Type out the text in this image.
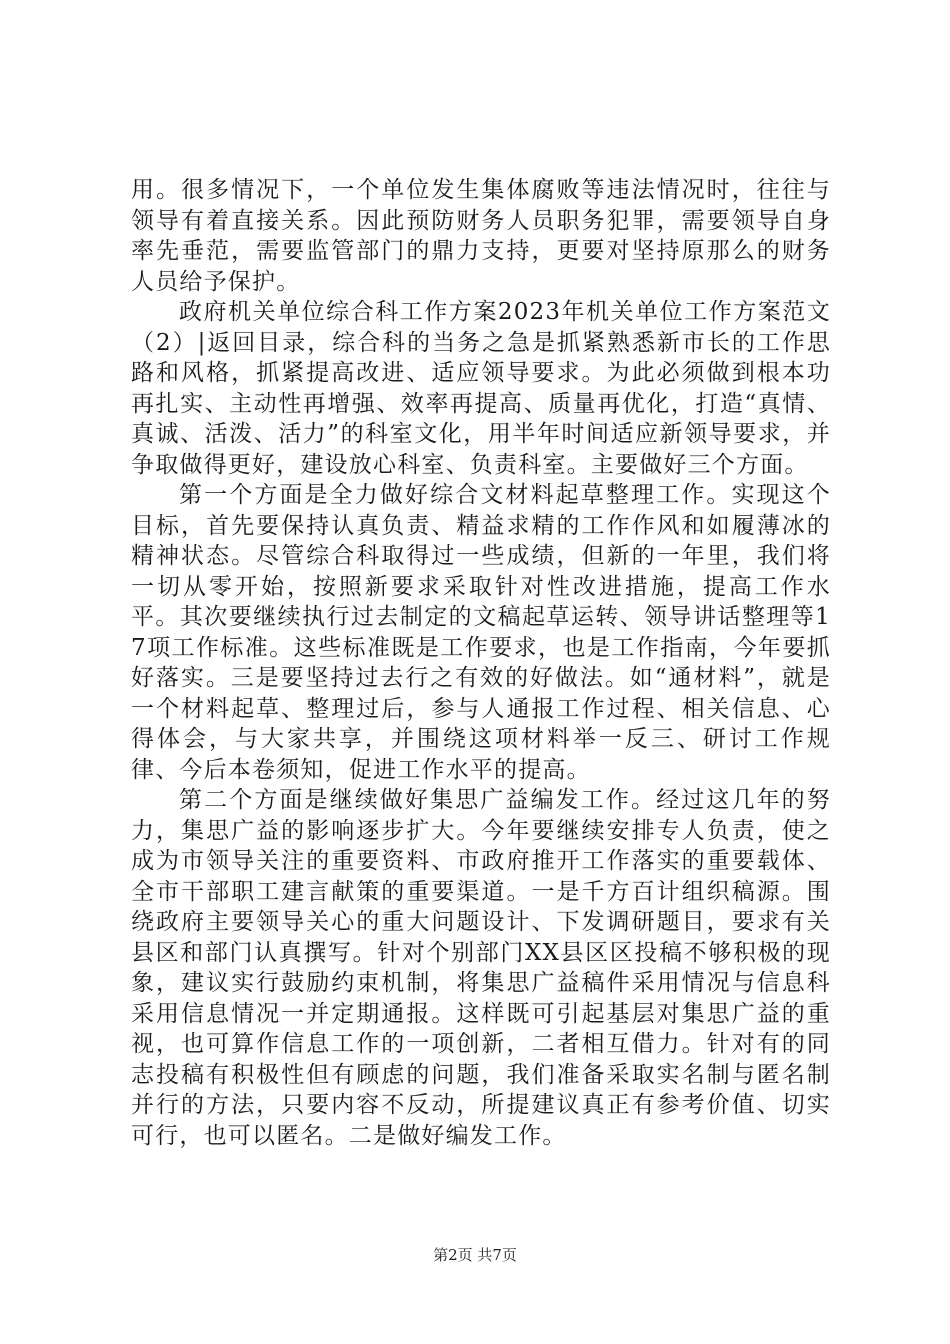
用。很多情况下，一个单位发生集体腐败等违法情况时，往往与领导有着直接关系。因此预防财务人员职务犯罪，需要领导自身率先垂范，需要监管部门的鼎力支持，更要对坚持原那么的财务人员给予保护。

政府机关单位综合科工作方案2023年机关单位工作方案范文（2）|返回目录，综合科的当务之急是抓紧熟悉新市长的工作思路和风格，抓紧提高改进、适应领导要求。为此必须做到根本功再扎实、主动性再增强、效率再提高、质量再优化，打造“真情、真诚、活泼、活力”的科室文化，用半年时间适应新领导要求，并争取做得更好，建设放心科室、负责科室。主要做好三个方面。

第一个方面是全力做好综合文材料起草整理工作。实现这个目标，首先要保持认真负责、精益求精的工作作风和如履薄冰的精神状态。尽管综合科取得过一些成绩，但新的一年里，我们将一切从零开始，按照新要求采取针对性改进措施，提高工作水平。其次要继续执行过去制定的文稿起草运转、领导讲话整理等17项工作标准。这些标准既是工作要求，也是工作指南，今年要抓好落实。三是要坚持过去行之有效的好做法。如“通材料”，就是一个材料起草、整理过后，参与人通报工作过程、相关信息、心得体会，与大家共享，并围绕这项材料举一反三、研讨工作规律、今后本卷须知，促进工作水平的提高。

第二个方面是继续做好集思广益编发工作。经过这几年的努力，集思广益的影响逐步扩大。今年要继续安排专人负责，使之成为市领导关注的重要资料、市政府推开工作落实的重要载体、全市干部职工建言献策的重要渠道。一是千方百计组织稿源。围绕政府主要领导关心的重大问题设计、下发调研题目，要求有关县区和部门认真撰写。针对个别部门XX县区区投稿不够积极的现象，建议实行鼓励约束机制，将集思广益稿件采用情况与信息科采用信息情况一并定期通报。这样既可引起基层对集思广益的重视，也可算作信息工作的一项创新，二者相互借力。针对有的同志投稿有积极性但有顾虑的问题，我们准备采取实名制与匿名制并行的方法，只要内容不反动，所提建议真正有参考价值、切实可行，也可以匿名。二是做好编发工作。

第2页 共7页
